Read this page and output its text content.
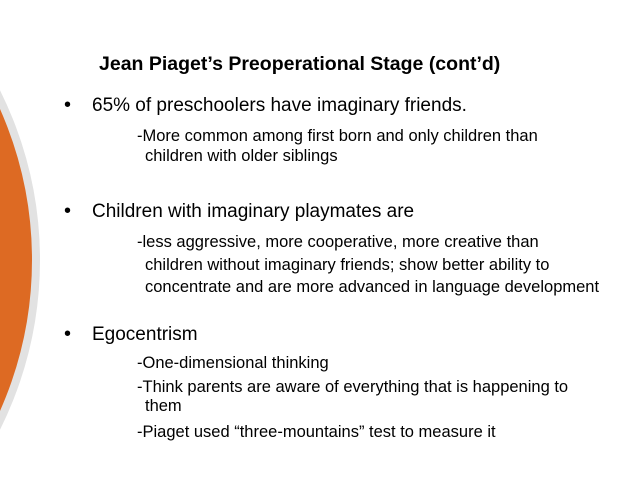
Jean Piaget’s Preoperational Stage (cont’d)
• 65% of preschoolers have imaginary friends.
-More common among first born and only children than
children with older siblings
• Children with imaginary playmates are
-less aggressive, more cooperative, more creative than
children without imaginary friends; show better ability to
concentrate and are more advanced in language development
• Egocentrism
-One-dimensional thinking
-Think parents are aware of everything that is happening to
them
-Piaget used “three-mountains” test to measure it
